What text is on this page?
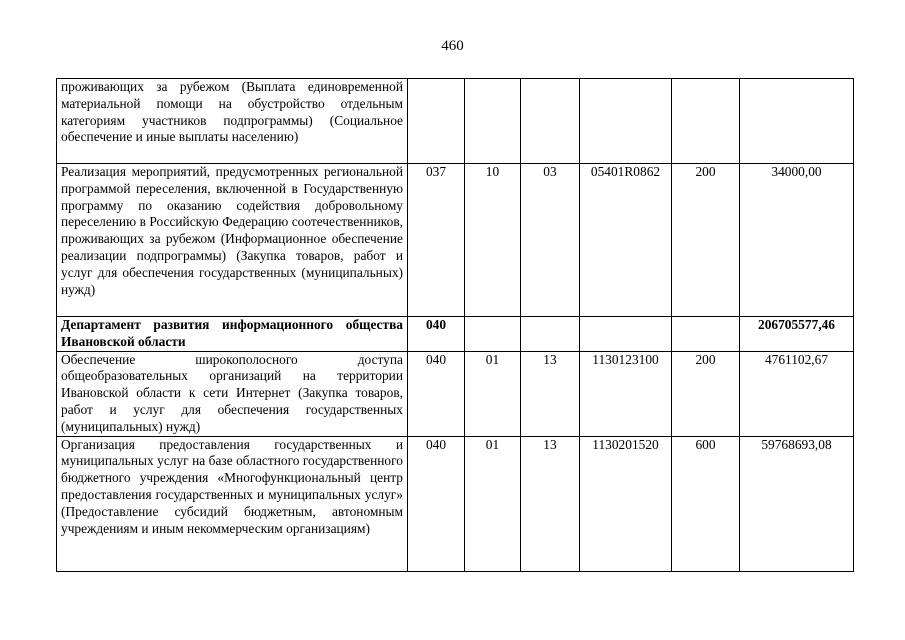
460
проживающих за рубежом (Выплата единовременной материальной помощи на обустройство отдельным категориям участников подпрограммы) (Социальное обеспечение и иные выплаты населению)						
Реализация мероприятий, предусмотренных региональной программой переселения, включенной в Государственную программу по оказанию содействия добровольному переселению в Российскую Федерацию соотечественников, проживающих за рубежом (Информационное обеспечение реализации подпрограммы) (Закупка товаров, работ и услуг для обеспечения государственных (муниципальных) нужд)	037	10	03	05401R0862	200	34000,00
Департамент развития информационного общества Ивановской области	040					206705577,46
Обеспечение широкополосного доступа общеобразовательных организаций на территории Ивановской области к сети Интернет (Закупка товаров, работ и услуг для обеспечения государственных (муниципальных) нужд)	040	01	13	1130123100	200	4761102,67
Организация предоставления государственных и муниципальных услуг на базе областного государственного бюджетного учреждения «Многофункциональный центр предоставления государственных и муниципальных услуг» (Предоставление субсидий бюджетным, автономным учреждениям и иным некоммерческим организациям)	040	01	13	1130201520	600	59768693,08
